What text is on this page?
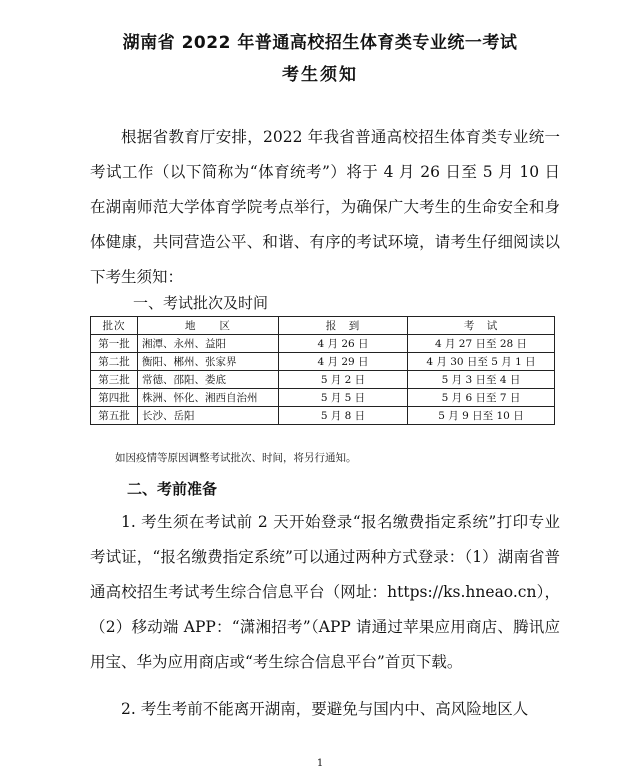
湖南省 2022 年普通高校招生体育类专业统一考试
考生须知

根据省教育厅安排，2022 年我省普通高校招生体育类专业统一考试工作（以下简称为“体育统考”）将于 4 月 26 日至 5 月 10 日在湖南师范大学体育学院考点举行，为确保广大考生的生命安全和身体健康，共同营造公平、和谐、有序的考试环境，请考生仔细阅读以下考生须知：

一、考试批次及时间
批次	地　　区	报　到	考　试
第一批	湘潭、永州、益阳	4 月 26 日	4 月 27 日至 28 日
第二批	衡阳、郴州、张家界	4 月 29 日	4 月 30 日至 5 月 1 日
第三批	常德、邵阳、娄底	5 月 2 日	5 月 3 日至 4 日
第四批	株洲、怀化、湘西自治州	5 月 5 日	5 月 6 日至 7 日
第五批	长沙、岳阳	5 月 8 日	5 月 9 日至 10 日
如因疫情等原因调整考试批次、时间，将另行通知。
二、考前准备

1. 考生须在考试前 2 天开始登录“报名缴费指定系统”打印专业考试证，“报名缴费指定系统”可以通过两种方式登录：（1）湖南省普通高校招生考试考生综合信息平台（网址：https://ks.hneao.cn），（2）移动端 APP：“潇湘招考”（APP 请通过苹果应用商店、腾讯应用宝、华为应用商店或“考生综合信息平台”首页下载。

2. 考生考前不能离开湖南，要避免与国内中、高风险地区人

1
